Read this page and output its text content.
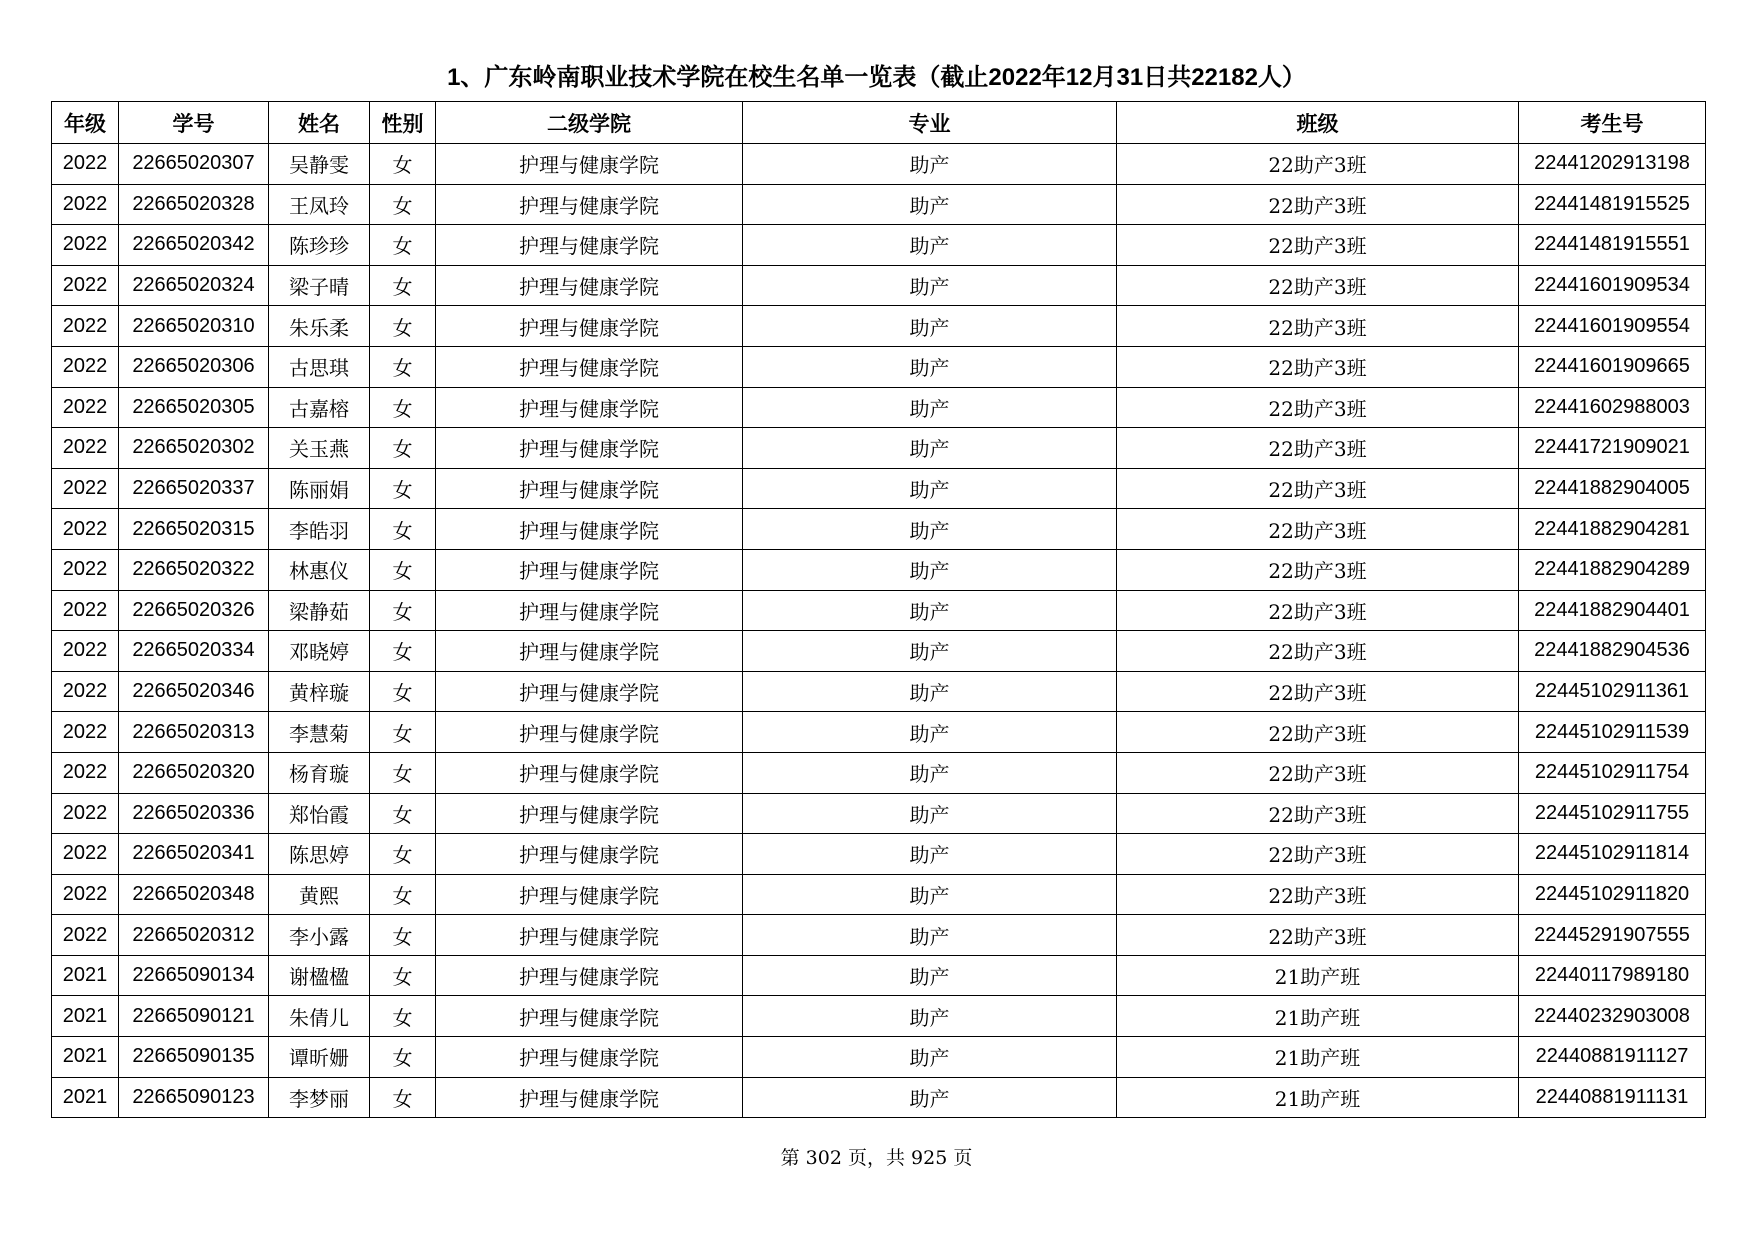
1、广东岭南职业技术学院在校生名单一览表（截止2022年12月31日共22182人）
年级	学号	姓名	性别	二级学院	专业	班级	考生号
2022	22665020307	吴静雯	女	护理与健康学院	助产	22助产3班	22441202913198
2022	22665020328	王凤玲	女	护理与健康学院	助产	22助产3班	22441481915525
2022	22665020342	陈珍珍	女	护理与健康学院	助产	22助产3班	22441481915551
2022	22665020324	梁子晴	女	护理与健康学院	助产	22助产3班	22441601909534
2022	22665020310	朱乐柔	女	护理与健康学院	助产	22助产3班	22441601909554
2022	22665020306	古思琪	女	护理与健康学院	助产	22助产3班	22441601909665
2022	22665020305	古嘉榕	女	护理与健康学院	助产	22助产3班	22441602988003
2022	22665020302	关玉燕	女	护理与健康学院	助产	22助产3班	22441721909021
2022	22665020337	陈丽娟	女	护理与健康学院	助产	22助产3班	22441882904005
2022	22665020315	李皓羽	女	护理与健康学院	助产	22助产3班	22441882904281
2022	22665020322	林惠仪	女	护理与健康学院	助产	22助产3班	22441882904289
2022	22665020326	梁静茹	女	护理与健康学院	助产	22助产3班	22441882904401
2022	22665020334	邓晓婷	女	护理与健康学院	助产	22助产3班	22441882904536
2022	22665020346	黄梓璇	女	护理与健康学院	助产	22助产3班	22445102911361
2022	22665020313	李慧菊	女	护理与健康学院	助产	22助产3班	22445102911539
2022	22665020320	杨育璇	女	护理与健康学院	助产	22助产3班	22445102911754
2022	22665020336	郑怡霞	女	护理与健康学院	助产	22助产3班	22445102911755
2022	22665020341	陈思婷	女	护理与健康学院	助产	22助产3班	22445102911814
2022	22665020348	黄熙	女	护理与健康学院	助产	22助产3班	22445102911820
2022	22665020312	李小露	女	护理与健康学院	助产	22助产3班	22445291907555
2021	22665090134	谢楹楹	女	护理与健康学院	助产	21助产班	22440117989180
2021	22665090121	朱倩儿	女	护理与健康学院	助产	21助产班	22440232903008
2021	22665090135	谭昕姗	女	护理与健康学院	助产	21助产班	22440881911127
2021	22665090123	李梦丽	女	护理与健康学院	助产	21助产班	22440881911131
第 302 页，共 925 页
